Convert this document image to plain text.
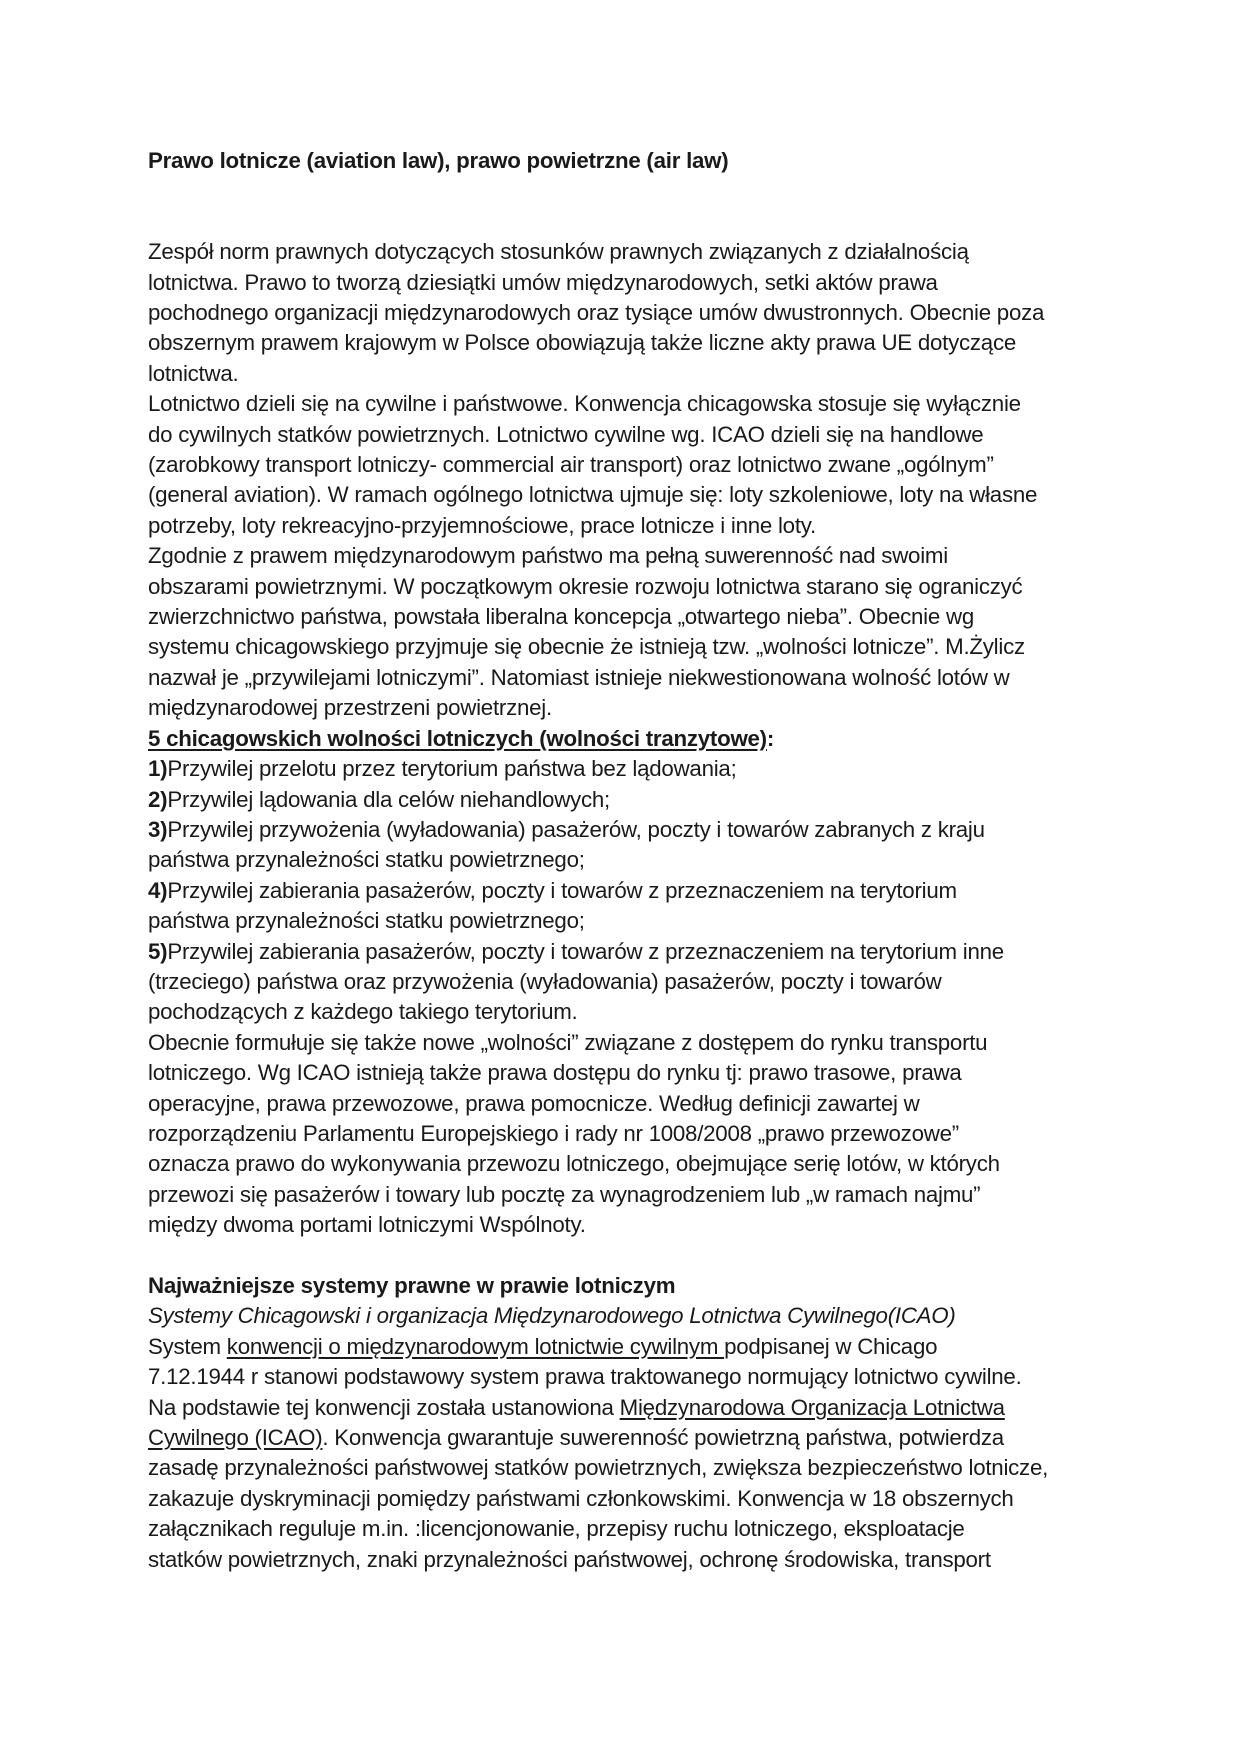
Prawo lotnicze (aviation law), prawo powietrzne (air law)

Zespół norm prawnych dotyczących stosunków prawnych związanych z działalnością
lotnictwa. Prawo to tworzą dziesiątki umów międzynarodowych, setki aktów prawa
pochodnego organizacji międzynarodowych oraz tysiące umów dwustronnych. Obecnie poza
obszernym prawem krajowym w Polsce obowiązują także liczne akty prawa UE dotyczące
lotnictwa.
Lotnictwo dzieli się na cywilne i państwowe. Konwencja chicagowska stosuje się wyłącznie
do cywilnych statków powietrznych. Lotnictwo cywilne wg. ICAO dzieli się na handlowe
(zarobkowy transport lotniczy- commercial air transport) oraz lotnictwo zwane „ogólnym”
(general aviation). W ramach ogólnego lotnictwa ujmuje się: loty szkoleniowe, loty na własne
potrzeby, loty rekreacyjno-przyjemnościowe, prace lotnicze i inne loty.
Zgodnie z prawem międzynarodowym państwo ma pełną suwerenność nad swoimi
obszarami powietrznymi. W początkowym okresie rozwoju lotnictwa starano się ograniczyć
zwierzchnictwo państwa, powstała liberalna koncepcja „otwartego nieba”. Obecnie wg
systemu chicagowskiego przyjmuje się obecnie że istnieją tzw. „wolności lotnicze”. M.Żylicz
nazwał je „przywilejami lotniczymi”. Natomiast istnieje niekwestionowana wolność lotów w
międzynarodowej przestrzeni powietrznej.
5 chicagowskich wolności lotniczych (wolności tranzytowe):
1)Przywilej przelotu przez terytorium państwa bez lądowania;
2)Przywilej lądowania dla celów niehandlowych;
3)Przywilej przywożenia (wyładowania) pasażerów, poczty i towarów zabranych z kraju
państwa przynależności statku powietrznego;
4)Przywilej zabierania pasażerów, poczty i towarów z przeznaczeniem na terytorium
państwa przynależności statku powietrznego;
5)Przywilej zabierania pasażerów, poczty i towarów z przeznaczeniem na terytorium inne
(trzeciego) państwa oraz przywożenia (wyładowania) pasażerów, poczty i towarów
pochodzących z każdego takiego terytorium.
Obecnie formułuje się także nowe „wolności” związane z dostępem do rynku transportu
lotniczego. Wg ICAO istnieją także prawa dostępu do rynku tj: prawo trasowe, prawa
operacyjne, prawa przewozowe, prawa pomocnicze. Według definicji zawartej w
rozporządzeniu Parlamentu Europejskiego i rady nr 1008/2008 „prawo przewozowe”
oznacza prawo do wykonywania przewozu lotniczego, obejmujące serię lotów, w których
przewozi się pasażerów i towary lub pocztę za wynagrodzeniem lub „w ramach najmu”
między dwoma portami lotniczymi Wspólnoty.
Najważniejsze systemy prawne w prawie lotniczym
Systemy Chicagowski i organizacja Międzynarodowego Lotnictwa Cywilnego(ICAO)
System konwencji o międzynarodowym lotnictwie cywilnym podpisanej w Chicago
7.12.1944 r stanowi podstawowy system prawa traktowanego normujący lotnictwo cywilne.
Na podstawie tej konwencji została ustanowiona Międzynarodowa Organizacja Lotnictwa
Cywilnego (ICAO). Konwencja gwarantuje suwerenność powietrzną państwa, potwierdza
zasadę przynależności państwowej statków powietrznych, zwiększa bezpieczeństwo lotnicze,
zakazuje dyskryminacji pomiędzy państwami członkowskimi. Konwencja w 18 obszernych
załącznikach reguluje m.in. :licencjonowanie, przepisy ruchu lotniczego, eksploatacje
statków powietrznych, znaki przynależności państwowej, ochronę środowiska, transport
